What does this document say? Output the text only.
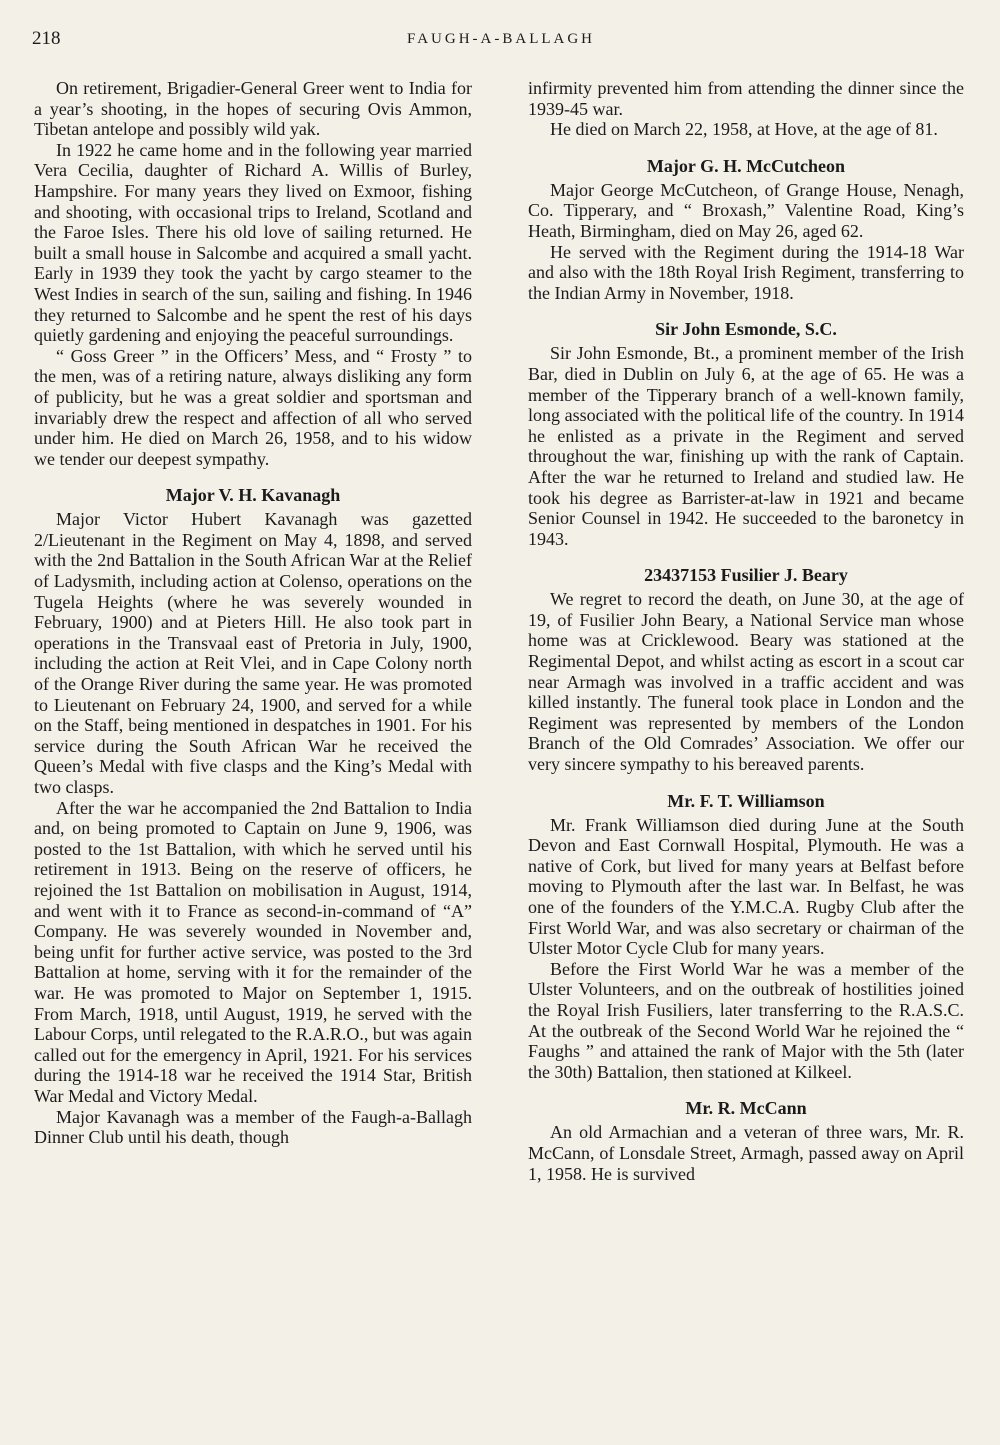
218	FAUGH-A-BALLAGH

On retirement, Brigadier-General Greer went to India for a year’s shooting, in the hopes of securing Ovis Ammon, Tibetan antelope and possibly wild yak.

In 1922 he came home and in the following year married Vera Cecilia, daughter of Richard A. Willis of Burley, Hampshire. For many years they lived on Exmoor, fishing and shooting, with occasional trips to Ireland, Scotland and the Faroe Isles. There his old love of sailing returned. He built a small house in Salcombe and acquired a small yacht. Early in 1939 they took the yacht by cargo steamer to the West Indies in search of the sun, sailing and fishing. In 1946 they returned to Salcombe and he spent the rest of his days quietly gardening and enjoying the peaceful surroundings.

“ Goss Greer ” in the Officers’ Mess, and “ Frosty ” to the men, was of a retiring nature, always disliking any form of publicity, but he was a great soldier and sportsman and invariably drew the respect and affection of all who served under him. He died on March 26, 1958, and to his widow we tender our deepest sympathy.

Major V. H. Kavanagh

Major Victor Hubert Kavanagh was gazetted 2/Lieutenant in the Regiment on May 4, 1898, and served with the 2nd Battalion in the South African War at the Relief of Ladysmith, including action at Colenso, operations on the Tugela Heights (where he was severely wounded in February, 1900) and at Pieters Hill. He also took part in operations in the Transvaal east of Pretoria in July, 1900, including the action at Reit Vlei, and in Cape Colony north of the Orange River during the same year. He was promoted to Lieutenant on February 24, 1900, and served for a while on the Staff, being mentioned in despatches in 1901. For his service during the South African War he received the Queen’s Medal with five clasps and the King’s Medal with two clasps.

After the war he accompanied the 2nd Battalion to India and, on being promoted to Captain on June 9, 1906, was posted to the 1st Battalion, with which he served until his retirement in 1913. Being on the reserve of officers, he rejoined the 1st Battalion on mobilisation in August, 1914, and went with it to France as second-in-command of “A” Company. He was severely wounded in November and, being unfit for further active service, was posted to the 3rd Battalion at home, serving with it for the remainder of the war. He was promoted to Major on September 1, 1915. From March, 1918, until August, 1919, he served with the Labour Corps, until relegated to the R.A.R.O., but was again called out for the emergency in April, 1921. For his services during the 1914-18 war he received the 1914 Star, British War Medal and Victory Medal.

Major Kavanagh was a member of the Faugh-a-Ballagh Dinner Club until his death, though

infirmity prevented him from attending the dinner since the 1939-45 war.

He died on March 22, 1958, at Hove, at the age of 81.

Major G. H. McCutcheon

Major George McCutcheon, of Grange House, Nenagh, Co. Tipperary, and “ Broxash,” Valentine Road, King’s Heath, Birmingham, died on May 26, aged 62.

He served with the Regiment during the 1914-18 War and also with the 18th Royal Irish Regiment, transferring to the Indian Army in November, 1918.

Sir John Esmonde, S.C.

Sir John Esmonde, Bt., a prominent member of the Irish Bar, died in Dublin on July 6, at the age of 65. He was a member of the Tipperary branch of a well-known family, long associated with the political life of the country. In 1914 he enlisted as a private in the Regiment and served throughout the war, finishing up with the rank of Captain. After the war he returned to Ireland and studied law. He took his degree as Barrister-at-law in 1921 and became Senior Counsel in 1942. He succeeded to the baronetcy in 1943.

23437153 Fusilier J. Beary

We regret to record the death, on June 30, at the age of 19, of Fusilier John Beary, a National Service man whose home was at Cricklewood. Beary was stationed at the Regimental Depot, and whilst acting as escort in a scout car near Armagh was involved in a traffic accident and was killed instantly. The funeral took place in London and the Regiment was represented by members of the London Branch of the Old Comrades’ Association. We offer our very sincere sympathy to his bereaved parents.

Mr. F. T. Williamson

Mr. Frank Williamson died during June at the South Devon and East Cornwall Hospital, Plymouth. He was a native of Cork, but lived for many years at Belfast before moving to Plymouth after the last war. In Belfast, he was one of the founders of the Y.M.C.A. Rugby Club after the First World War, and was also secretary or chairman of the Ulster Motor Cycle Club for many years.

Before the First World War he was a member of the Ulster Volunteers, and on the outbreak of hostilities joined the Royal Irish Fusiliers, later transferring to the R.A.S.C. At the outbreak of the Second World War he rejoined the “ Faughs ” and attained the rank of Major with the 5th (later the 30th) Battalion, then stationed at Kilkeel.

Mr. R. McCann

An old Armachian and a veteran of three wars, Mr. R. McCann, of Lonsdale Street, Armagh, passed away on April 1, 1958. He is survived
